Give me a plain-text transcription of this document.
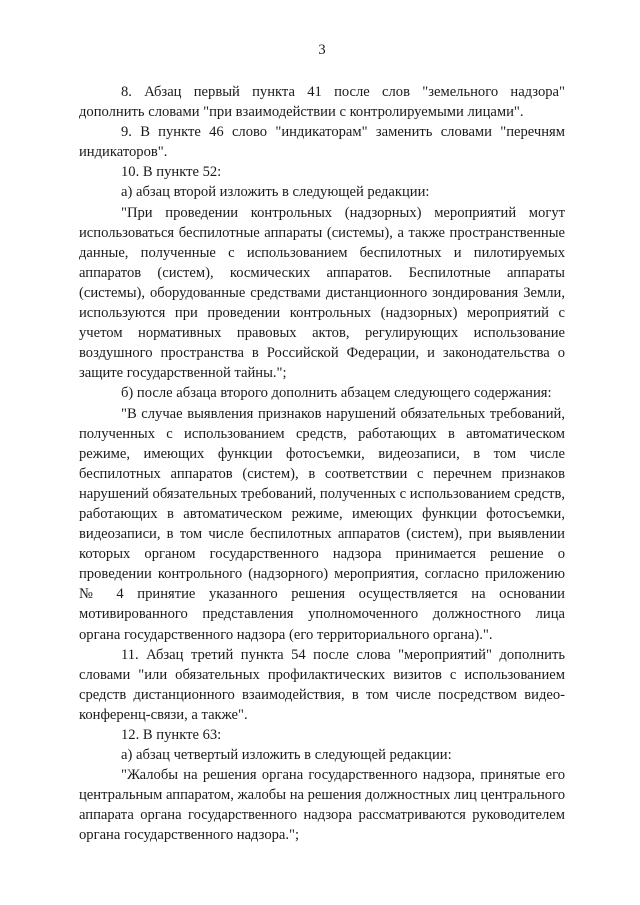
3

8. Абзац первый пункта 41 после слов "земельного надзора" дополнить словами "при взаимодействии с контролируемыми лицами".

9. В пункте 46 слово "индикаторам" заменить словами "перечням индикаторов".

10. В пункте 52:

а) абзац второй изложить в следующей редакции:

"При проведении контрольных (надзорных) мероприятий могут использоваться беспилотные аппараты (системы), а также пространственные данные, полученные с использованием беспилотных и пилотируемых аппаратов (систем), космических аппаратов. Беспилотные аппараты (системы), оборудованные средствами дистанционного зондирования Земли, используются при проведении контрольных (надзорных) мероприятий с учетом нормативных правовых актов, регулирующих использование воздушного пространства в Российской Федерации, и законодательства о защите государственной тайны.";

б) после абзаца второго дополнить абзацем следующего содержания:

"В случае выявления признаков нарушений обязательных требований, полученных с использованием средств, работающих в автоматическом режиме, имеющих функции фотосъемки, видеозаписи, в том числе беспилотных аппаратов (систем), в соответствии с перечнем признаков нарушений обязательных требований, полученных с использованием средств, работающих в автоматическом режиме, имеющих функции фотосъемки, видеозаписи, в том числе беспилотных аппаратов (систем), при выявлении которых органом государственного надзора принимается решение о проведении контрольного (надзорного) мероприятия, согласно приложению № 4 принятие указанного решения осуществляется на основании мотивированного представления уполномоченного должностного лица органа государственного надзора (его территориального органа).".

11. Абзац третий пункта 54 после слова "мероприятий" дополнить словами "или обязательных профилактических визитов с использованием средств дистанционного взаимодействия, в том числе посредством видео-конференц-связи, а также".

12. В пункте 63:

а) абзац четвертый изложить в следующей редакции:

"Жалобы на решения органа государственного надзора, принятые его центральным аппаратом, жалобы на решения должностных лиц центрального аппарата органа государственного надзора рассматриваются руководителем органа государственного надзора.";
